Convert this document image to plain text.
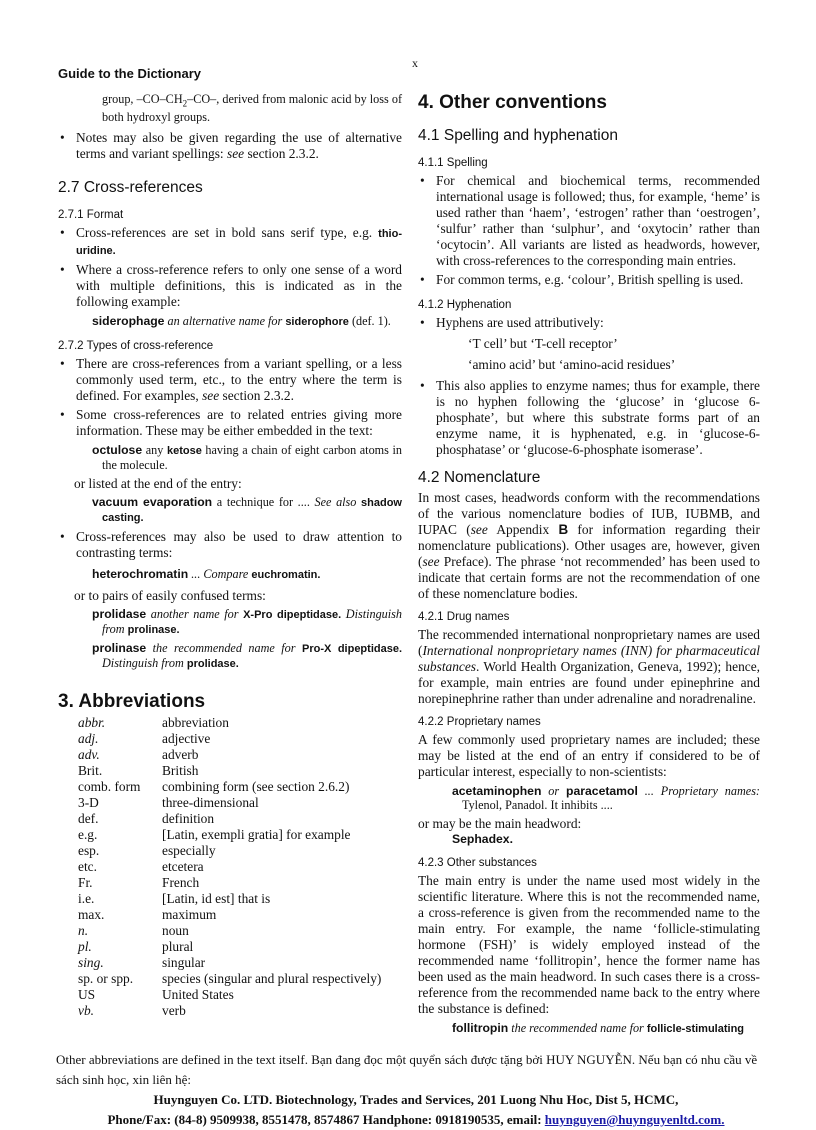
x
Guide to the Dictionary

group, $-CO-CH_2-CO-$, derived from malonic acid by loss of both hydroxyl groups.

• Notes may also be given regarding the use of alternative terms and variant spellings: see section 2.3.2.
2.7 Cross-references
2.7.1 Format
• Cross-references are set in bold sans serif type, e.g. thio-uridine.
• Where a cross-reference refers to only one sense of a word with multiple definitions, this is indicated as in the following example:

siderophage an alternative name for siderophore (def. 1).

2.7.2 Types of cross-reference
• There are cross-references from a variant spelling, or a less commonly used term, etc., to the entry where the term is defined. For examples, see section 2.3.2.
• Some cross-references are to related entries giving more information. These may be either embedded in the text:

octulose any ketose having a chain of eight carbon atoms in the molecule.

or listed at the end of the entry:

vacuum evaporation a technique for .... See also shadow casting.

• Cross-references may also be used to draw attention to contrasting terms:

heterochromatin ... Compare euchromatin.

or to pairs of easily confused terms:

prolidase another name for X-Pro dipeptidase. Distinguish from prolinase.

prolinase the recommended name for Pro-X dipeptidase. Distinguish from prolidase.

3. Abbreviations
abbr.	abbreviation
adj.	adjective
adv.	adverb
Brit.	British
comb. form	combining form (see section 2.6.2)
3-D	three-dimensional
def.	definition
e.g.	[Latin, exempli gratia] for example
esp.	especially
etc.	etcetera
Fr.	French
i.e.	[Latin, id est] that is
max.	maximum
n.	noun
pl.	plural
sing.	singular
sp. or spp.	species (singular and plural respectively)
US	United States
vb.	verb
4. Other conventions
4.1 Spelling and hyphenation
4.1.1 Spelling
• For chemical and biochemical terms, recommended international usage is followed; thus, for example, ‘heme’ is used rather than ‘haem’, ‘estrogen’ rather than ‘oestrogen’, ‘sulfur’ rather than ‘sulphur’, and ‘oxytocin’ rather than ‘ocytocin’. All variants are listed as headwords, however, with cross-references to the corresponding main entries.
• For common terms, e.g. ‘colour’, British spelling is used.
4.1.2 Hyphenation
• Hyphens are used attributively:

‘T cell’ but ‘T-cell receptor’

‘amino acid’ but ‘amino-acid residues’

• This also applies to enzyme names; thus for example, there is no hyphen following the ‘glucose’ in ‘glucose 6-phosphate’, but where this substrate forms part of an enzyme name, it is hyphenated, e.g. in ‘glucose-6-phosphatase’ or ‘glucose-6-phosphate isomerase’.
4.2 Nomenclature

In most cases, headwords conform with the recommendations of the various nomenclature bodies of IUB, IUBMB, and IUPAC (see Appendix B for information regarding their nomenclature publications). Other usages are, however, given (see Preface). The phrase ‘not recommended’ has been used to indicate that certain forms are not the recommendation of one of these nomenclature bodies.

4.2.1 Drug names

The recommended international nonproprietary names are used (International nonproprietary names (INN) for pharmaceutical substances. World Health Organization, Geneva, 1992); hence, for example, main entries are found under epinephrine and norepinephrine rather than under adrenaline and noradrenaline.

4.2.2 Proprietary names

A few commonly used proprietary names are included; these may be listed at the end of an entry if considered to be of particular interest, especially to non-scientists:

acetaminophen or paracetamol ... Proprietary names: Tylenol, Panadol. It inhibits ....

or may be the main headword:

Sephadex.

4.2.3 Other substances

The main entry is under the name used most widely in the scientific literature. Where this is not the recommended name, a cross-reference is given from the recommended name to the main entry. For example, the name ‘follicle-stimulating hormone (FSH)’ is widely employed instead of the recommended name ‘follitropin’, hence the former name has been used as the main headword. In such cases there is a cross-reference from the recommended name back to the entry where the substance is defined:

follitropin the recommended name for follicle-stimulating

Other abbreviations are defined in the text itself. Bạn đang đọc một quyển sách được tặng bởi HUY NGUYỄN. Nếu bạn có nhu cầu về sách sinh học, xin liên hệ:
Huynguyen Co. LTD. Biotechnology, Trades and Services, 201 Luong Nhu Hoc, Dist 5, HCMC,
Phone/Fax: (84-8) 9509938, 8551478, 8574867 Handphone: 0918190535, email: huynguyen@huynguyenltd.com.
